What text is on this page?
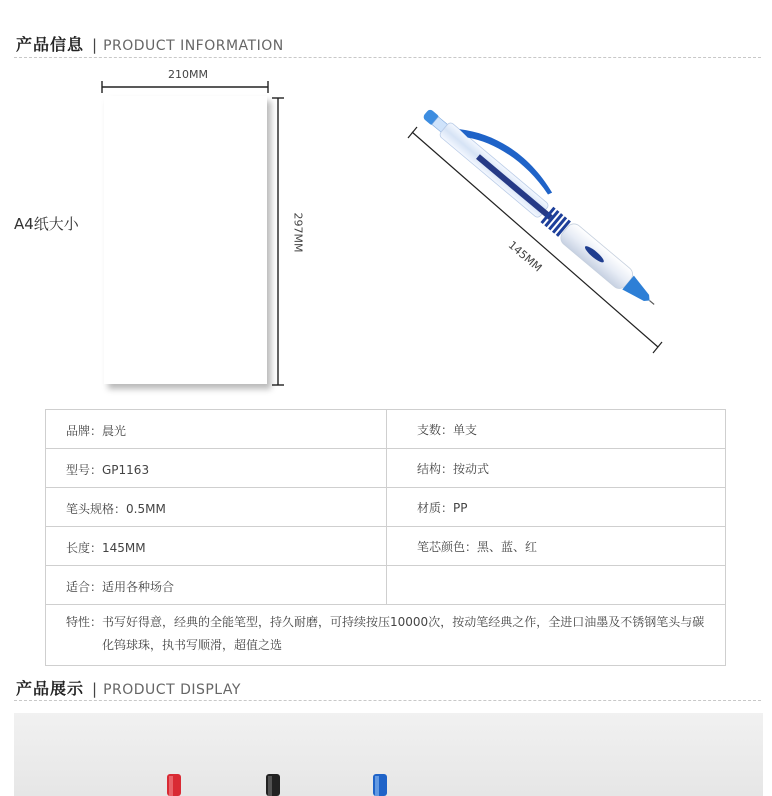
产品信息 | PRODUCT INFORMATION
A4纸大小
210MM
297MM
145MM
品牌：晨光	支数：单支
型号：GP1163	结构：按动式
笔头规格：0.5MM	材质：PP
长度：145MM	笔芯颜色：黑、蓝、红
适合：适用各种场合	

特性： 书写好得意，经典的全能笔型，持久耐磨，可持续按压10000次，按动笔经典之作，全进口油墨及不锈钢笔头与碳化钨球珠，执书写顺滑，超值之选	
产品展示 | PRODUCT DISPLAY
